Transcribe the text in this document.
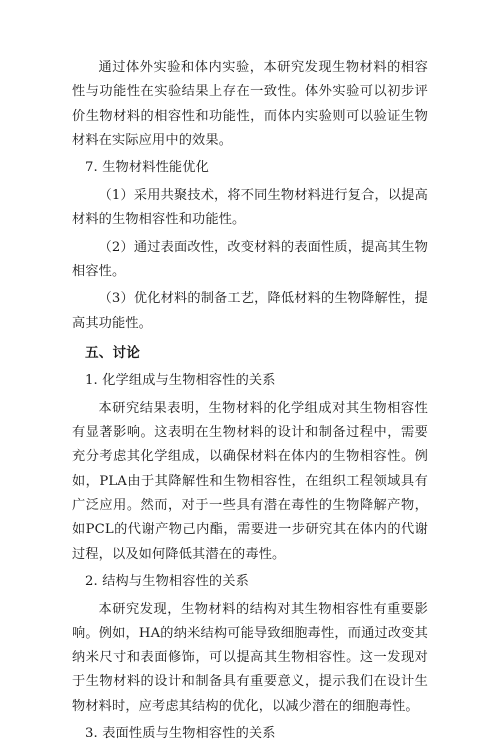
通过体外实验和体内实验，本研究发现生物材料的相容性与功能性在实验结果上存在一致性。体外实验可以初步评价生物材料的相容性和功能性，而体内实验则可以验证生物材料在实际应用中的效果。

7. 生物材料性能优化

（1）采用共聚技术，将不同生物材料进行复合，以提高材料的生物相容性和功能性。

（2）通过表面改性，改变材料的表面性质，提高其生物相容性。

（3）优化材料的制备工艺，降低材料的生物降解性，提高其功能性。

五、讨论

1. 化学组成与生物相容性的关系

本研究结果表明，生物材料的化学组成对其生物相容性有显著影响。这表明在生物材料的设计和制备过程中，需要充分考虑其化学组成，以确保材料在体内的生物相容性。例如，PLA由于其降解性和生物相容性，在组织工程领域具有广泛应用。然而，对于一些具有潜在毒性的生物降解产物，如PCL的代谢产物己内酯，需要进一步研究其在体内的代谢过程，以及如何降低其潜在的毒性。

2. 结构与生物相容性的关系

本研究发现，生物材料的结构对其生物相容性有重要影响。例如，HA的纳米结构可能导致细胞毒性，而通过改变其纳米尺寸和表面修饰，可以提高其生物相容性。这一发现对于生物材料的设计和制备具有重要意义，提示我们在设计生物材料时，应考虑其结构的优化，以减少潜在的细胞毒性。

3. 表面性质与生物相容性的关系
